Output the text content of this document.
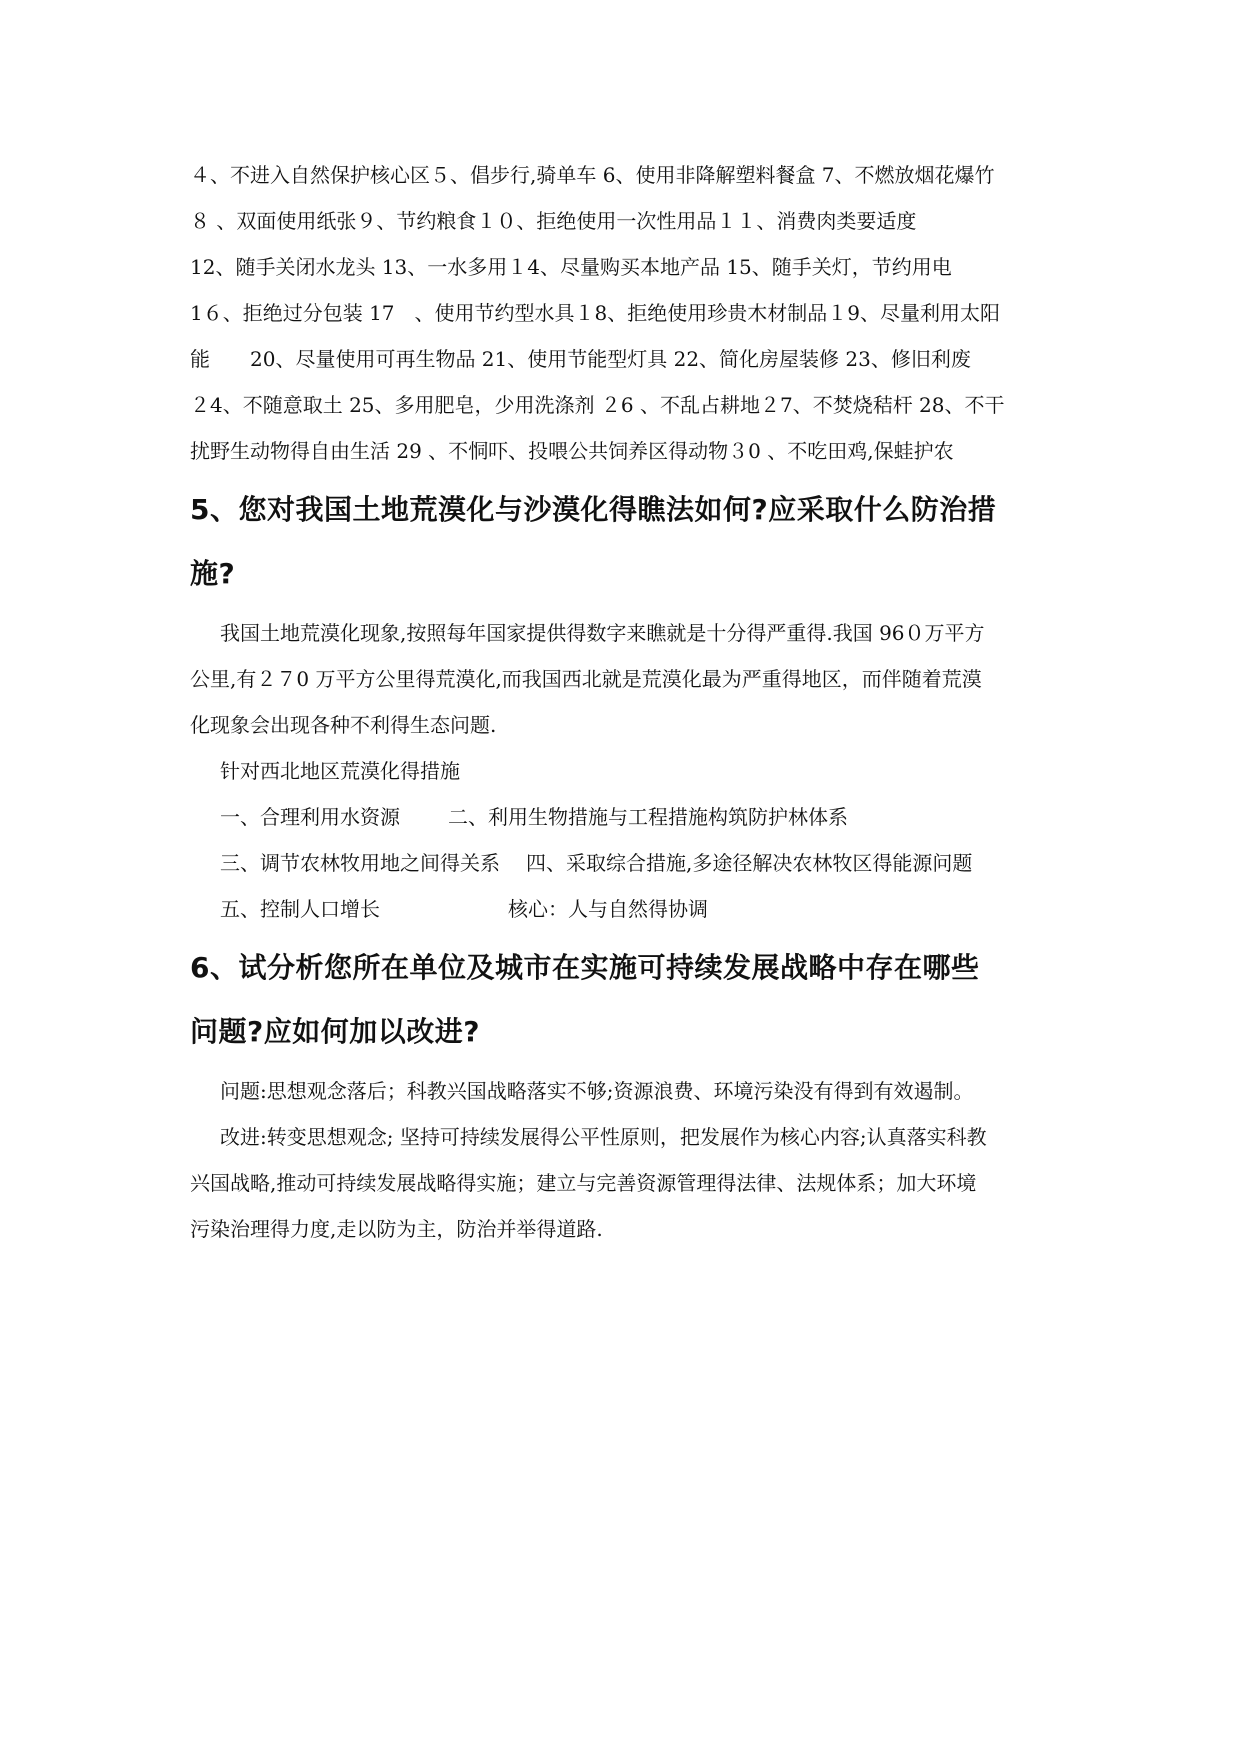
４、不进入自然保护核心区５、倡步行,骑单车 6、使用非降解塑料餐盒 7、不燃放烟花爆竹
８ 、双面使用纸张９、节约粮食１０、拒绝使用一次性用品１１、消费肉类要适度
12、随手关闭水龙头 13、一水多用１4、尽量购买本地产品 15、随手关灯，节约用电
1６、拒绝过分包装 17　、使用节约型水具１8、拒绝使用珍贵木材制品１9、尽量利用太阳
能　　20、尽量使用可再生物品 21、使用节能型灯具 22、简化房屋装修 23、修旧利废
２4、不随意取土 25、多用肥皂，少用洗涤剂 ２6 、不乱占耕地２7、不焚烧秸杆 28、不干
扰野生动物得自由生活 29 、不恫吓、投喂公共饲养区得动物３0 、不吃田鸡,保蛙护农
5、您对我国土地荒漠化与沙漠化得瞧法如何?应采取什么防治措
施?
我国土地荒漠化现象,按照每年国家提供得数字来瞧就是十分得严重得.我国 96０万平方
公里,有２７0 万平方公里得荒漠化,而我国西北就是荒漠化最为严重得地区，而伴随着荒漠
化现象会出现各种不利得生态问题.
针对西北地区荒漠化得措施
一、合理利用水资源 二、利用生物措施与工程措施构筑防护林体系
三、调节农林牧用地之间得关系 四、采取综合措施,多途径解决农林牧区得能源问题
五、控制人口增长	核心：人与自然得协调
6、试分析您所在单位及城市在实施可持续发展战略中存在哪些
问题?应如何加以改进?
问题:思想观念落后；科教兴国战略落实不够;资源浪费、环境污染没有得到有效遏制。
改进:转变思想观念; 坚持可持续发展得公平性原则，把发展作为核心内容;认真落实科教
兴国战略,推动可持续发展战略得实施；建立与完善资源管理得法律、法规体系；加大环境
污染治理得力度,走以防为主，防治并举得道路.
